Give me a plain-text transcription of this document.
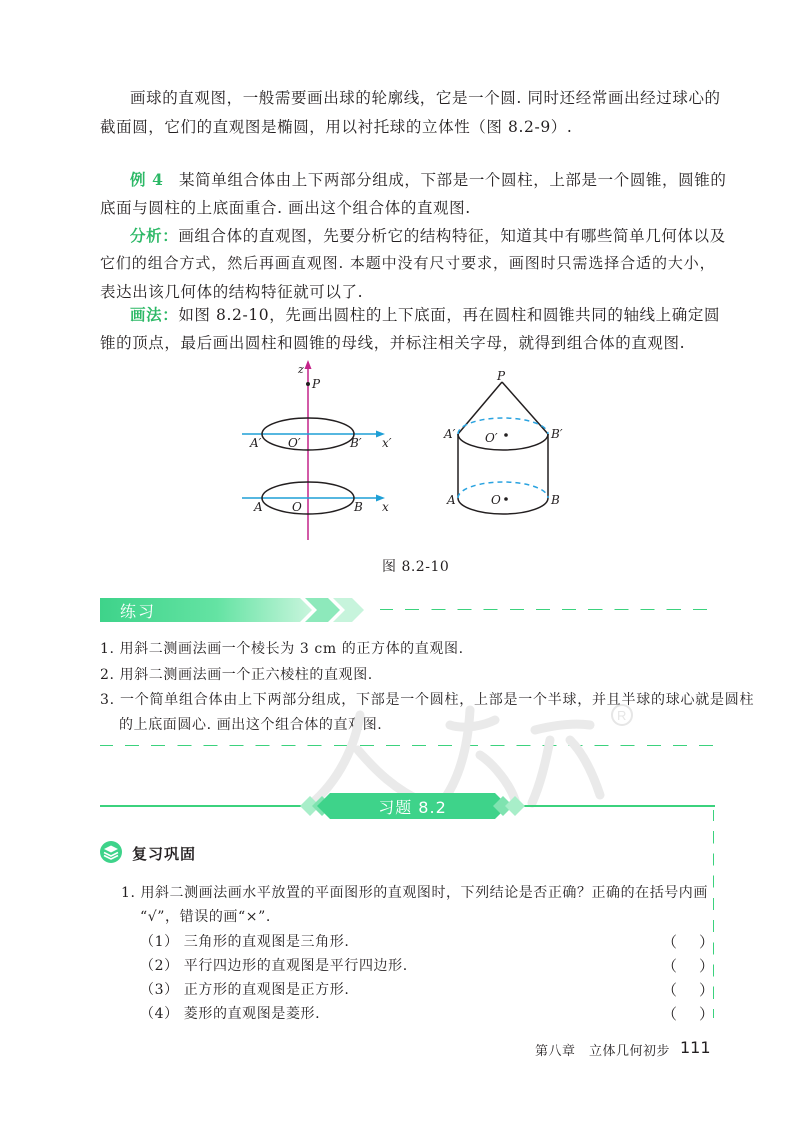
画球的直观图，一般需要画出球的轮廓线，它是一个圆. 同时还经常画出经过球心的
截面圆，它们的直观图是椭圆，用以衬托球的立体性（图 8.2-9）.
例 4 某简单组合体由上下两部分组成，下部是一个圆柱，上部是一个圆锥，圆锥的
底面与圆柱的上底面重合. 画出这个组合体的直观图.
分析：画组合体的直观图，先要分析它的结构特征，知道其中有哪些简单几何体以及
它们的组合方式，然后再画直观图. 本题中没有尺寸要求，画图时只需选择合适的大小，
表达出该几何体的结构特征就可以了.
画法：如图 8.2-10，先画出圆柱的上下底面，再在圆柱和圆锥共同的轴线上确定圆
锥的顶点，最后画出圆柱和圆锥的母线，并标注相关字母，就得到组合体的直观图.
z
P
A′ O′	B′ x′
A O	B x
P
A′ O′	B′
A	O	B
图 8.2-10
练习
1. 用斜二测画法画一个棱长为 3 cm 的正方体的直观图.
2. 用斜二测画法画一个正六棱柱的直观图.
3. 一个简单组合体由上下两部分组成，下部是一个圆柱，上部是一个半球，并且半球的球心就是圆柱
的上底面圆心. 画出这个组合体的直观图.
R
习题 8.2
复习巩固
1. 用斜二测画法画水平放置的平面图形的直观图时，下列结论是否正确？正确的在括号内画
“√”，错误的画“×”.
（1） 三角形的直观图是三角形.	（）
（2） 平行四边形的直观图是平行四边形.	（）
（3） 正方形的直观图是正方形.	（）
（4） 菱形的直观图是菱形.	（）
第八章　立体几何初步 111
